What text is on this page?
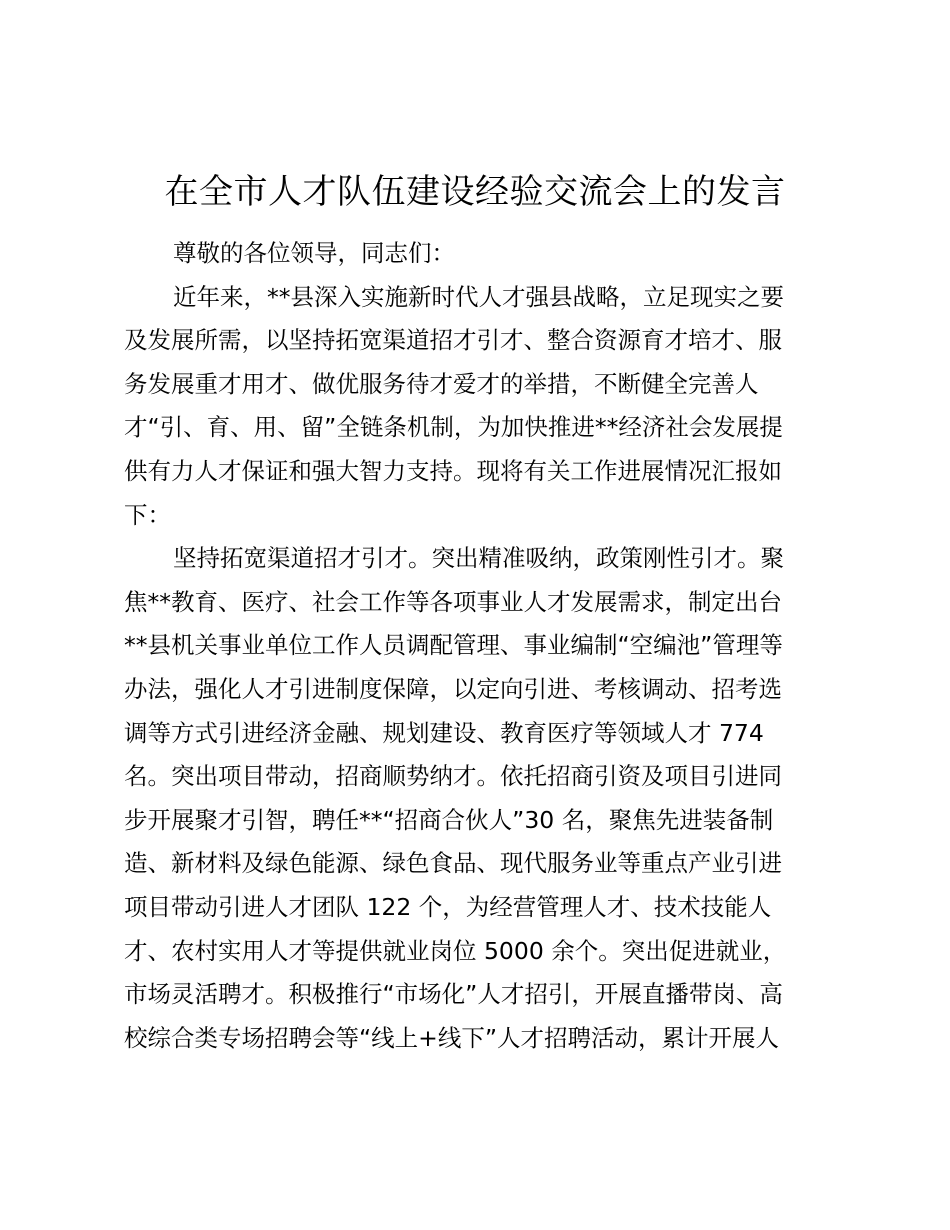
在全市人才队伍建设经验交流会上的发言
尊敬的各位领导，同志们：
近年来，**县深入实施新时代人才强县战略，立足现实之要
及发展所需，以坚持拓宽渠道招才引才、整合资源育才培才、服
务发展重才用才、做优服务待才爱才的举措，不断健全完善人
才“引、育、用、留”全链条机制，为加快推进**经济社会发展提
供有力人才保证和强大智力支持。现将有关工作进展情况汇报如
下：
坚持拓宽渠道招才引才。突出精准吸纳，政策刚性引才。聚
焦**教育、医疗、社会工作等各项事业人才发展需求，制定出台
**县机关事业单位工作人员调配管理、事业编制“空编池”管理等
办法，强化人才引进制度保障，以定向引进、考核调动、招考选
调等方式引进经济金融、规划建设、教育医疗等领域人才 774
名。突出项目带动，招商顺势纳才。依托招商引资及项目引进同
步开展聚才引智，聘任**“招商合伙人”30 名，聚焦先进装备制
造、新材料及绿色能源、绿色食品、现代服务业等重点产业引进
项目带动引进人才团队 122 个，为经营管理人才、技术技能人
才、农村实用人才等提供就业岗位 5000 余个。突出促进就业，
市场灵活聘才。积极推行“市场化”人才招引，开展直播带岗、高
校综合类专场招聘会等“线上+线下”人才招聘活动，累计开展人
